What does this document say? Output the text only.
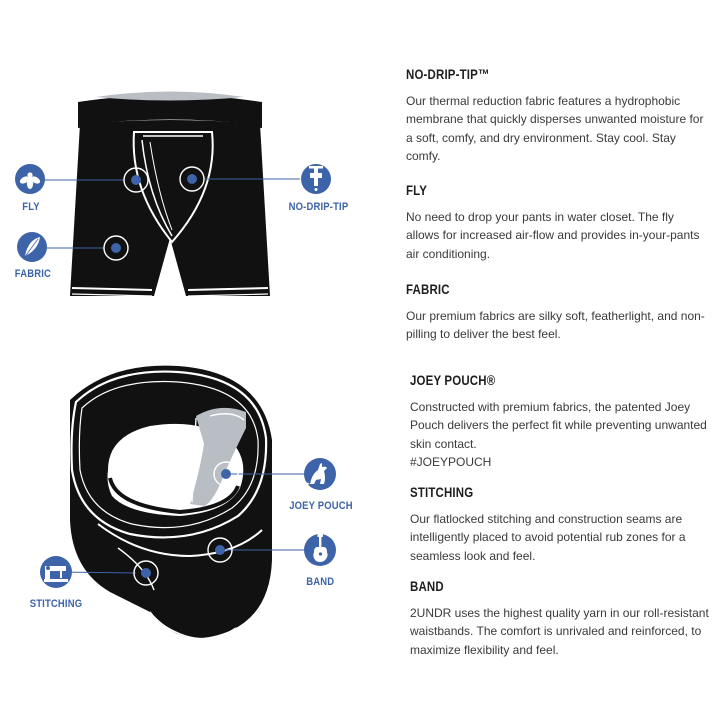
FLY
FABRIC
NO-DRIP-TIP
JOEY POUCH
STITCHING
BAND
NO-DRIP-TIP™

Our thermal reduction fabric features a hydrophobic membrane that quickly disperses unwanted moisture for a soft, comfy, and dry environment. Stay cool. Stay comfy.

FLY

No need to drop your pants in water closet. The fly allows for increased air-flow and provides in-your-pants air conditioning.

FABRIC

Our premium fabrics are silky soft, featherlight, and non-pilling to deliver the best feel.

JOEY POUCH®

Constructed with premium fabrics, the patented Joey Pouch delivers the perfect fit while preventing unwanted skin contact.
#JOEYPOUCH

STITCHING

Our flatlocked stitching and construction seams are intelligently placed to avoid potential rub zones for a seamless look and feel.

BAND

2UNDR uses the highest quality yarn in our roll-resistant waistbands. The comfort is unrivaled and reinforced, to maximize flexibility and feel.
